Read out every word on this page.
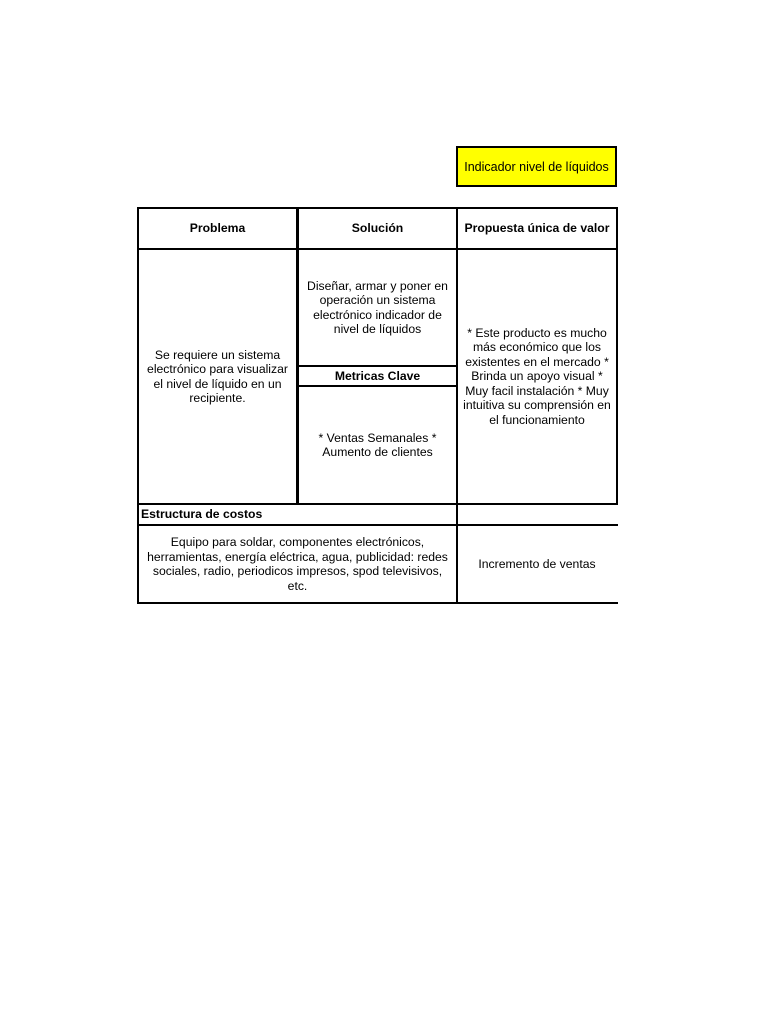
Indicador nivel de líquidos
Problema	Solución	Propuesta única de valor
Se requiere un sistema electrónico para visualizar el nivel de líquido en un recipiente.
Diseñar, armar y poner en operación un sistema electrónico indicador de nivel de líquidos
Metricas Clave
* Ventas Semanales * Aumento de clientes
* Este producto es mucho más económico que los existentes en el mercado * Brinda un apoyo visual * Muy facil instalación * Muy intuitiva su comprensión en el funcionamiento
Estructura de costos
Equipo para soldar, componentes electrónicos, herramientas, energía eléctrica, agua, publicidad: redes sociales, radio, periodicos impresos, spod televisivos, etc.
Incremento de ventas
